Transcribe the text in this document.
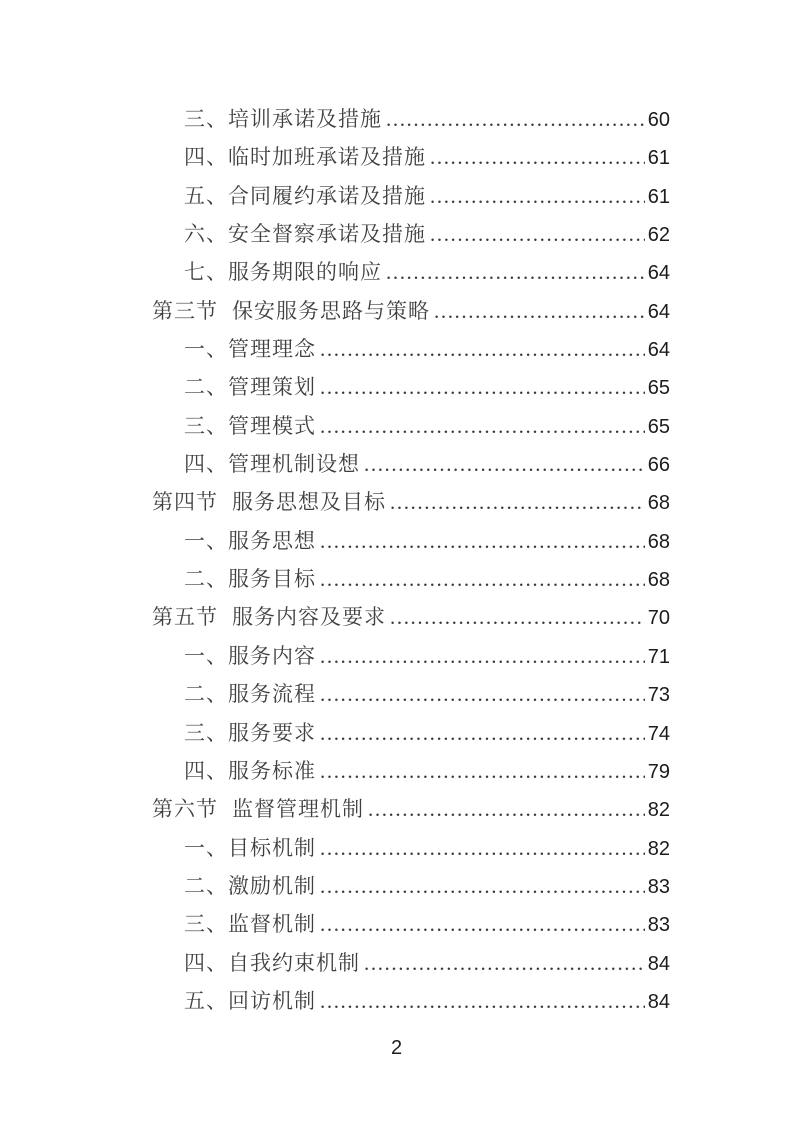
三、 培训承诺及措施 .....	60
四、 临时加班承诺及措施 .....	61
五、 合同履约承诺及措施 .....	61
六、 安全督察承诺及措施 .....	62
七、 服务期限的响应 .....	64
第三节 保安服务思路与策略 .....	64
一、 管理理念 .....	64
二、 管理策划 .....	65
三、 管理模式 .....	65
四、 管理机制设想 .....	66
第四节 服务思想及目标 .....	68
一、 服务思想 .....	68
二、 服务目标 .....	68
第五节 服务内容及要求 .....	70
一、 服务内容 .....	71
二、 服务流程 .....	73
三、 服务要求 .....	74
四、 服务标准 .....	79
第六节 监督管理机制 .....	82
一、 目标机制 .....	82
二、 激励机制 .....	83
三、 监督机制 .....	83
四、 自我约束机制 .....	84
五、 回访机制 .....	84
2
